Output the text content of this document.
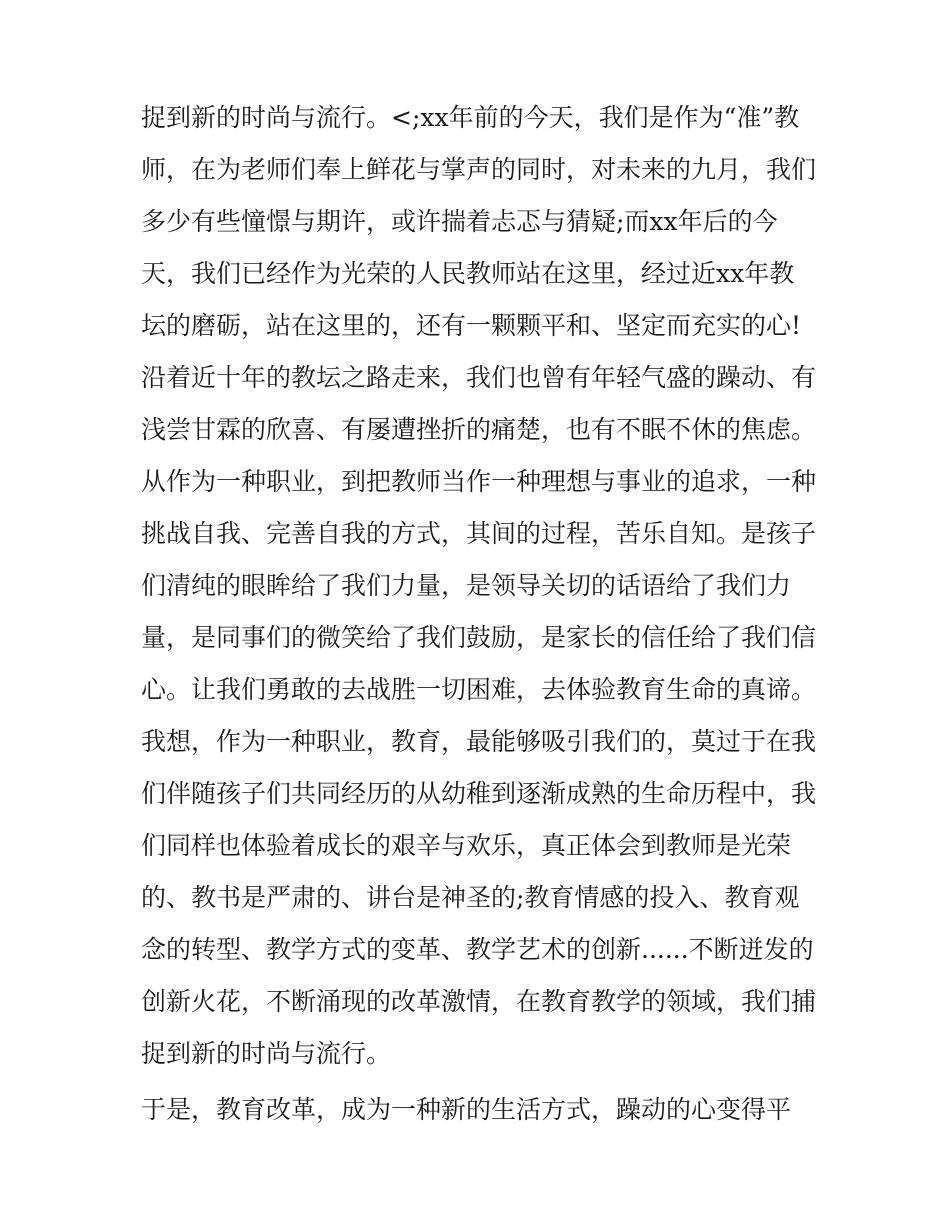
捉到新的时尚与流行。<;xx年前的今天，我们是作为“准”教
师，在为老师们奉上鲜花与掌声的同时，对未来的九月，我们
多少有些憧憬与期许，或许揣着忐忑与猜疑;而xx年后的今
天，我们已经作为光荣的人民教师站在这里，经过近xx年教
坛的磨砺，站在这里的，还有一颗颗平和、坚定而充实的心!
沿着近十年的教坛之路走来，我们也曾有年轻气盛的躁动、有
浅尝甘霖的欣喜、有屡遭挫折的痛楚，也有不眠不休的焦虑。
从作为一种职业，到把教师当作一种理想与事业的追求，一种
挑战自我、完善自我的方式，其间的过程，苦乐自知。是孩子
们清纯的眼眸给了我们力量，是领导关切的话语给了我们力
量，是同事们的微笑给了我们鼓励，是家长的信任给了我们信
心。让我们勇敢的去战胜一切困难，去体验教育生命的真谛。
我想，作为一种职业，教育，最能够吸引我们的，莫过于在我
们伴随孩子们共同经历的从幼稚到逐渐成熟的生命历程中，我
们同样也体验着成长的艰辛与欢乐，真正体会到教师是光荣
的、教书是严肃的、讲台是神圣的;教育情感的投入、教育观
念的转型、教学方式的变革、教学艺术的创新......不断迸发的
创新火花，不断涌现的改革激情，在教育教学的领域，我们捕
捉到新的时尚与流行。
于是，教育改革，成为一种新的生活方式，躁动的心变得平
